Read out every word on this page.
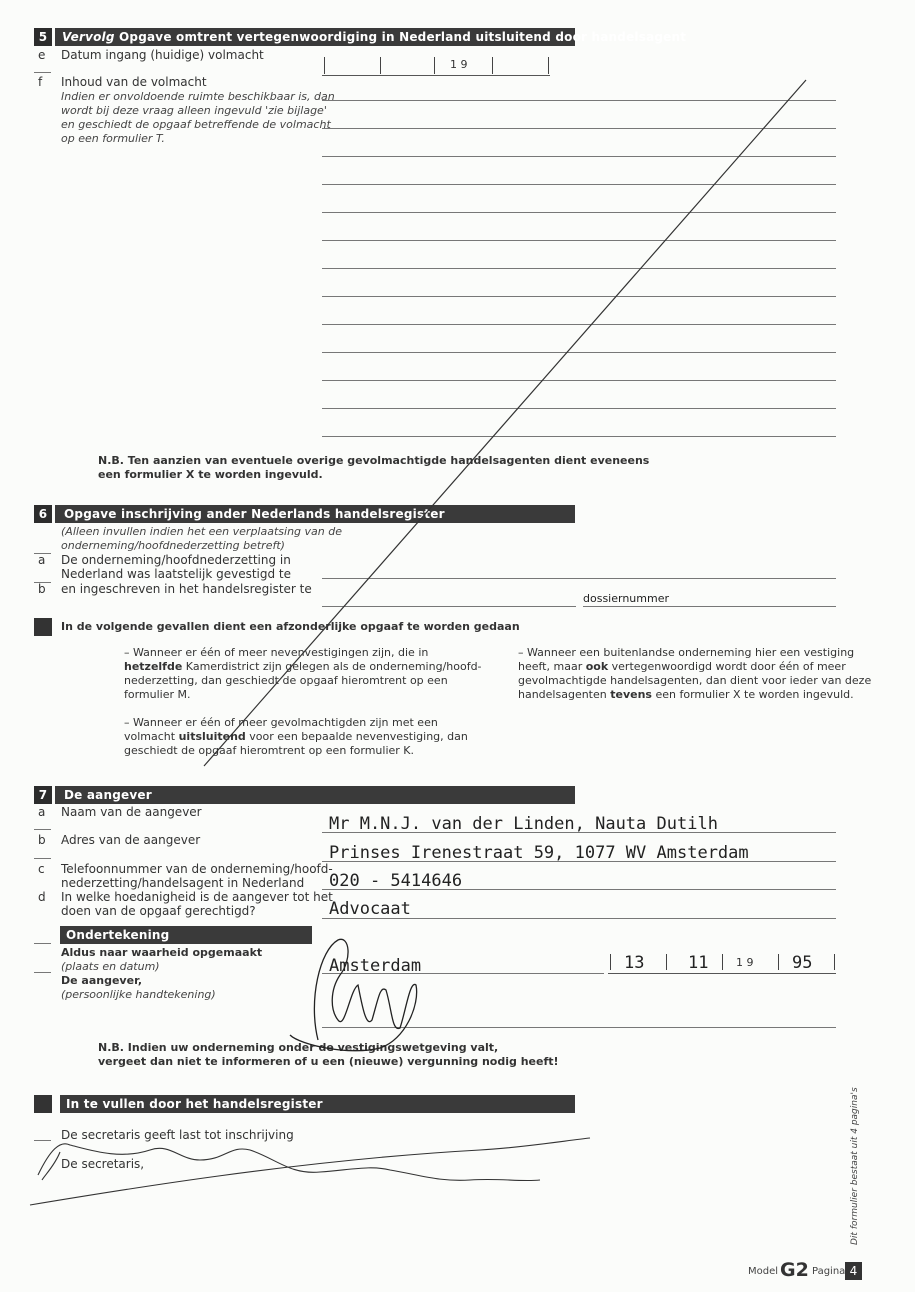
5	Vervolg Opgave omtrent vertegenwoordiging in Nederland uitsluitend door handelsagent
e Datum ingang (huidige) volmacht
1 9
f Inhoud van de volmacht
Indien er onvoldoende ruimte beschikbaar is, dan
wordt bij deze vraag alleen ingevuld 'zie bijlage'
en geschiedt de opgaaf betreffende de volmacht
op een formulier T.
N.B. Ten aanzien van eventuele overige gevolmachtigde handelsagenten dient eveneens
een formulier X te worden ingevuld.
6	Opgave inschrijving ander Nederlands handelsregister
(Alleen invullen indien het een verplaatsing van de
onderneming/hoofdnederzetting betreft)
a De onderneming/hoofdnederzetting in
Nederland was laatstelijk gevestigd te
b en ingeschreven in het handelsregister te
dossiernummer
In de volgende gevallen dient een afzonderlijke opgaaf te worden gedaan
– Wanneer er één of meer nevenvestigingen zijn, die in
hetzelfde Kamerdistrict zijn gelegen als de onderneming/hoofd-
nederzetting, dan geschiedt de opgaaf hieromtrent op een
formulier M.
– Wanneer er één of meer gevolmachtigden zijn met een
volmacht uitsluitend voor een bepaalde nevenvestiging, dan
geschiedt de opgaaf hieromtrent op een formulier K.
– Wanneer een buitenlandse onderneming hier een vestiging
heeft, maar ook vertegenwoordigd wordt door één of meer
gevolmachtigde handelsagenten, dan dient voor ieder van deze
handelsagenten tevens een formulier X te worden ingevuld.
7	De aangever
a Naam van de aangever
Mr M.N.J. van der Linden, Nauta Dutilh
b Adres van de aangever
Prinses Irenestraat 59, 1077 WV Amsterdam
c Telefoonnummer van de onderneming/hoofd-
nederzetting/handelsagent in Nederland 020 - 5414646
d In welke hoedanigheid is de aangever tot het
doen van de opgaaf gerechtigd?	Advocaat
Ondertekening
Aldus naar waarheid opgemaakt
(plaats en datum)
De aangever,
(persoonlijke handtekening)
Amsterdam	13	11	1 9 95
N.B. Indien uw onderneming onder de vestigingswetgeving valt,
vergeet dan niet te informeren of u een (nieuwe) vergunning nodig heeft!
In te vullen door het handelsregister
De secretaris geeft last tot inschrijving
De secretaris,	Dit formulier bestaat uit 4 pagina's
Model G2 Pagina 4
